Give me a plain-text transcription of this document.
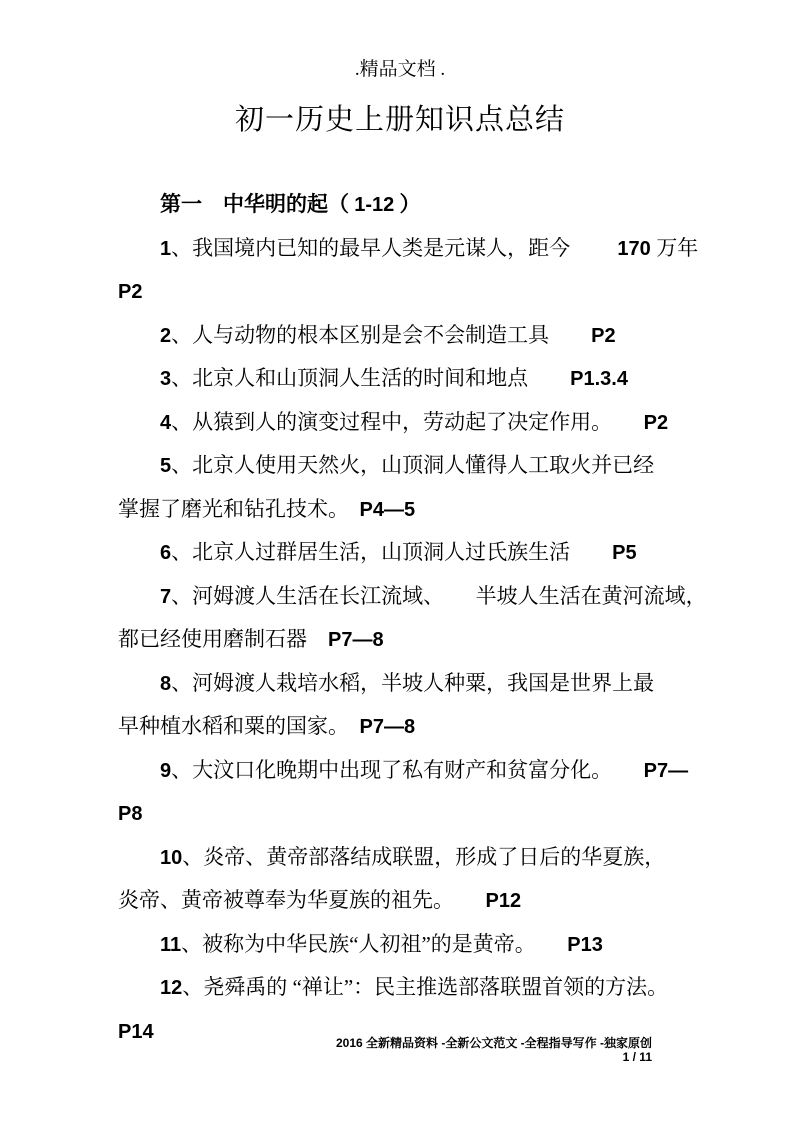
.精品文档 .
初一历史上册知识点总结
第一　中华明的起（ 1-12 ）
1、我国境内已知的最早人类是元谋人，距今　　 170 万年
P2
2、人与动物的根本区别是会不会制造工具　　P2
3、北京人和山顶洞人生活的时间和地点　　P1.3.4
4、从猿到人的演变过程中，劳动起了决定作用。　　P2
5、北京人使用天然火，山顶洞人懂得人工取火并已经
掌握了磨光和钻孔技术。　P4—5
6、北京人过群居生活，山顶洞人过氏族生活　　P5
7、河姆渡人生活在长江流域、　　半坡人生活在黄河流域，
都已经使用磨制石器　P7—8
8、河姆渡人栽培水稻，半坡人种粟，我国是世界上最
早种植水稻和粟的国家。　P7—8
9、大汶口化晚期中出现了私有财产和贫富分化。　　P7—
P8
10、炎帝、黄帝部落结成联盟，形成了日后的华夏族，
炎帝、黄帝被尊奉为华夏族的祖先。　　P12
11、被称为中华民族“人初祖”的是黄帝。　　P13
12、尧舜禹的 “禅让”：民主推选部落联盟首领的方法。
P14
2016 全新精品资料 -全新公文范文 -全程指导写作 -独家原创
1 / 11
